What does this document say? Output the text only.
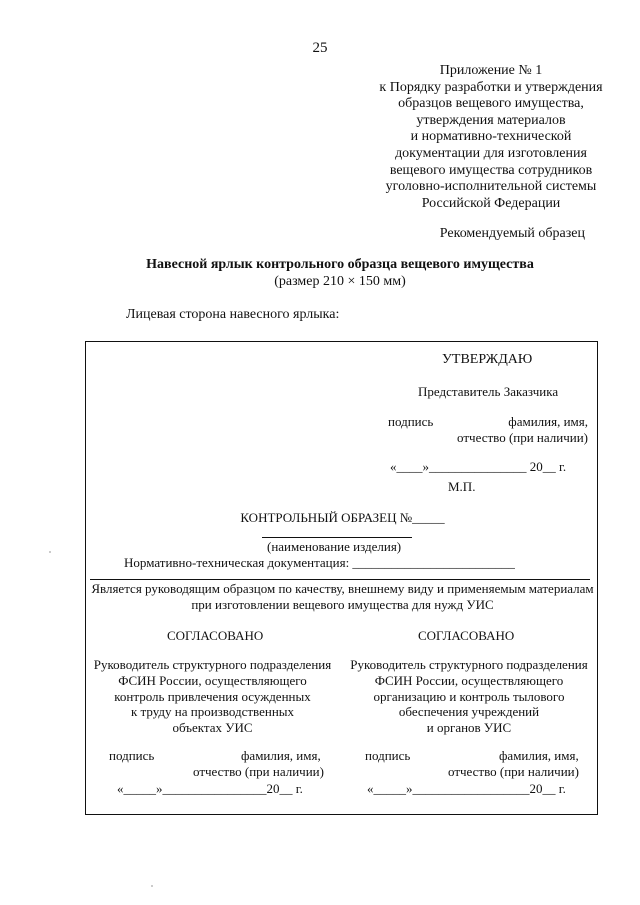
25
Приложение № 1
к Порядку разработки и утверждения
образцов вещевого имущества,
утверждения материалов
и нормативно-технической
документации для изготовления
вещевого имущества сотрудников
уголовно-исполнительной системы
Российской Федерации
Рекомендуемый образец
Навесной ярлык контрольного образца вещевого имущества
(размер 210 × 150 мм)
Лицевая сторона навесного ярлыка:
УТВЕРЖДАЮ
Представитель Заказчика
подпись	фамилия, имя,
отчество (при наличии)
«____»_______________ 20__ г.
М.П.
КОНТРОЛЬНЫЙ ОБРАЗЕЦ №_____
(наименование изделия)
Нормативно-техническая документация: _________________________
Является руководящим образцом по качеству, внешнему виду и применяемым материалам
при изготовлении вещевого имущества для нужд УИС
СОГЛАСОВАНО
Руководитель структурного подразделения
ФСИН России, осуществляющего
контроль привлечения осужденных
к труду на производственных
объектах УИС
подпись	фамилия, имя,
отчество (при наличии)
«_____»________________20__ г.
СОГЛАСОВАНО
Руководитель структурного подразделения
ФСИН России, осуществляющего
организацию и контроль тылового
обеспечения учреждений
и органов УИС
подпись	фамилия, имя,
отчество (при наличии)
«_____»__________________20__ г.
